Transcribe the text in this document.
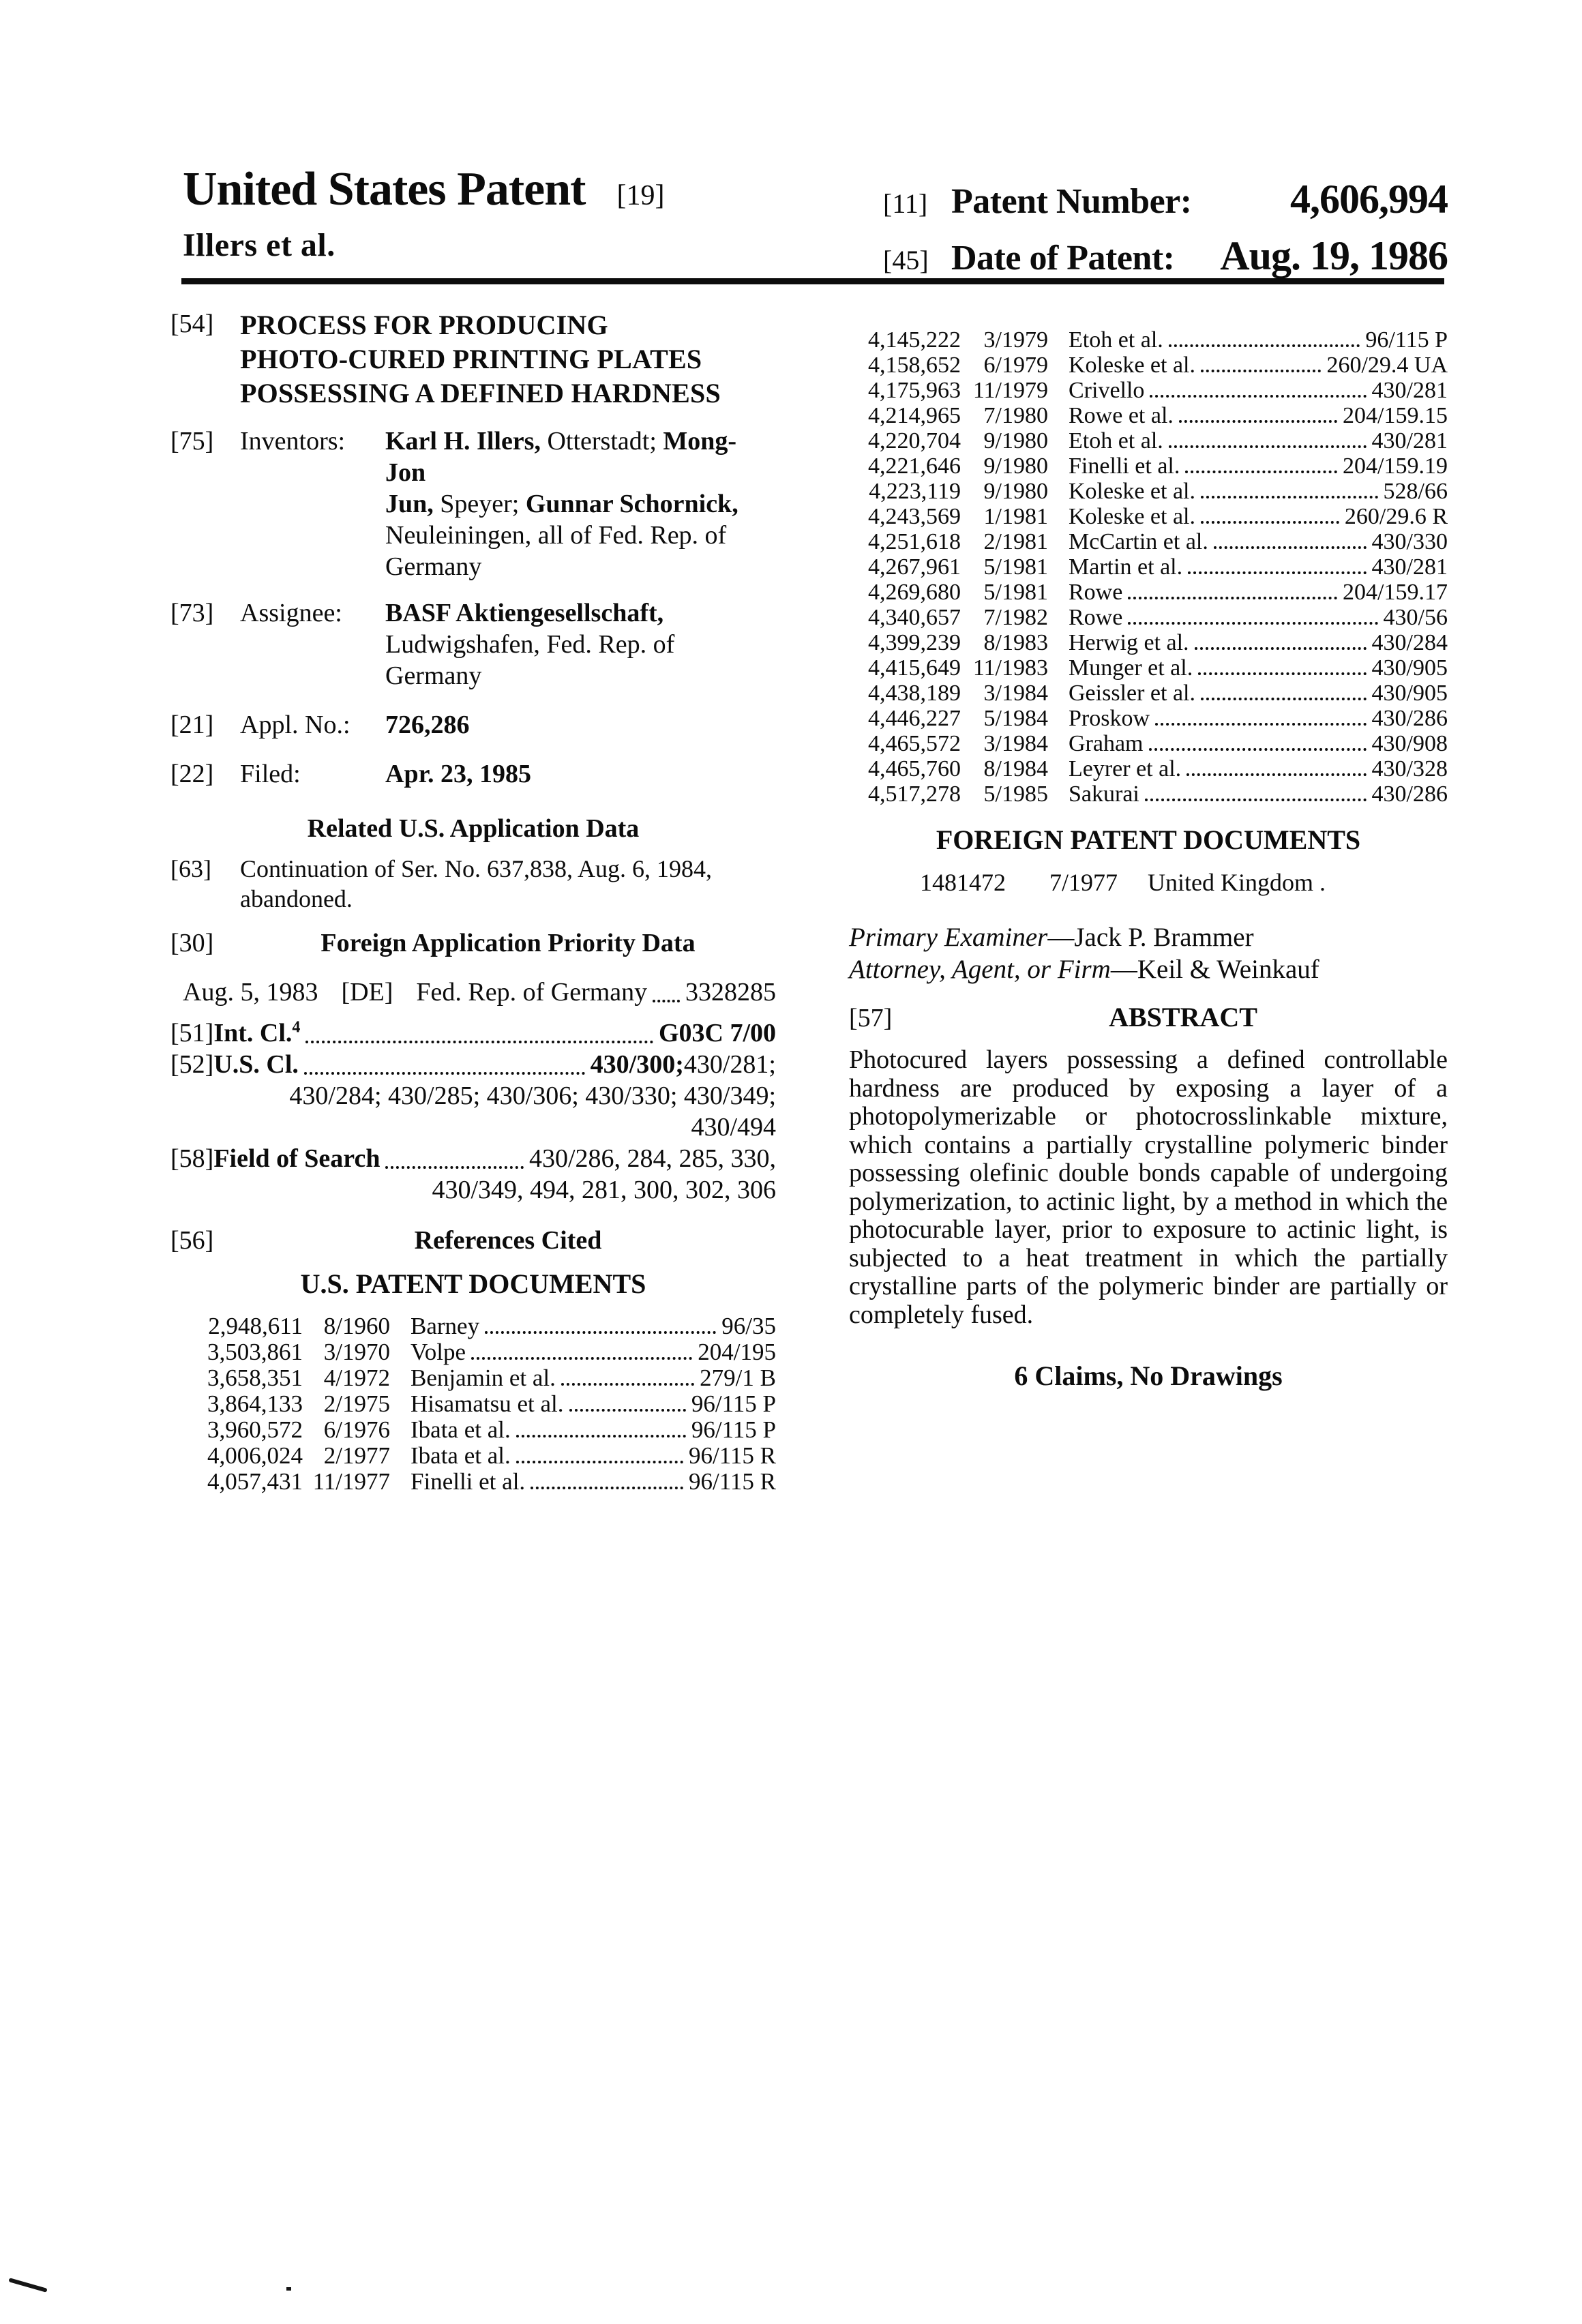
United States Patent [19]
Illers et al.
[11] Patent Number: 4,606,994
[45] Date of Patent: Aug. 19, 1986
[54] PROCESS FOR PRODUCING
PHOTO-CURED PRINTING PLATES
POSSESSING A DEFINED HARDNESS
[75]	Inventors:	Karl H. Illers, Otterstadt; Mong-Jon
Jun, Speyer; Gunnar Schornick,
Neuleiningen, all of Fed. Rep. of
Germany
[73]	Assignee:	BASF Aktiengesellschaft,
Ludwigshafen, Fed. Rep. of
Germany
[21]	Appl. No.:	726,286
[22]	Filed:	Apr. 23, 1985
Related U.S. Application Data
[63]	Continuation of Ser. No. 637,838, Aug. 6, 1984, abandoned.
[30]	Foreign Application Priority Data
Aug. 5, 1983 [DE] Fed. Rep. of Germany 3328285
[51] Int. Cl.$^4$	G03C 7/00
[52] U.S. Cl.	430/300; 430/281;
430/284; 430/285; 430/306; 430/330; 430/349;
430/494
[58] Field of Search	430/286, 284, 285, 330,
430/349, 494, 281, 300, 302, 306
[56]	References Cited
U.S. PATENT DOCUMENTS
2,948,611 8/1960 Barney	96/35
3,503,861 3/1970 Volpe	204/195
3,658,351 4/1972 Benjamin et al.	279/1 B
3,864,133 2/1975 Hisamatsu et al.	96/115 P
3,960,572 6/1976 Ibata et al.	96/115 P
4,006,024 2/1977 Ibata et al.	96/115 R
4,057,431 11/1977 Finelli et al.	96/115 R
4,145,222 3/1979 Etoh et al.	96/115 P
4,158,652 6/1979 Koleske et al.	260/29.4 UA
4,175,963 11/1979 Crivello	430/281
4,214,965 7/1980 Rowe et al.	204/159.15
4,220,704 9/1980 Etoh et al.	430/281
4,221,646 9/1980 Finelli et al.	204/159.19
4,223,119 9/1980 Koleske et al.	528/66
4,243,569 1/1981 Koleske et al.	260/29.6 R
4,251,618 2/1981 McCartin et al.	430/330
4,267,961 5/1981 Martin et al.	430/281
4,269,680 5/1981 Rowe	204/159.17
4,340,657 7/1982 Rowe	430/56
4,399,239 8/1983 Herwig et al.	430/284
4,415,649 11/1983 Munger et al.	430/905
4,438,189 3/1984 Geissler et al.	430/905
4,446,227 5/1984 Proskow	430/286
4,465,572 3/1984 Graham	430/908
4,465,760 8/1984 Leyrer et al.	430/328
4,517,278 5/1985 Sakurai	430/286
FOREIGN PATENT DOCUMENTS
1481472	7/1977 United Kingdom .
Primary Examiner—Jack P. Brammer
Attorney, Agent, or Firm—Keil & Weinkauf
[57]	ABSTRACT
Photocured layers possessing a defined controllable hardness are produced by exposing a layer of a photopolymerizable or photocrosslinkable mixture, which contains a partially crystalline polymeric binder possessing olefinic double bonds capable of undergoing polymerization, to actinic light, by a method in which the photocurable layer, prior to exposure to actinic light, is subjected to a heat treatment in which the partially crystalline parts of the polymeric binder are partially or completely fused.
6 Claims, No Drawings
